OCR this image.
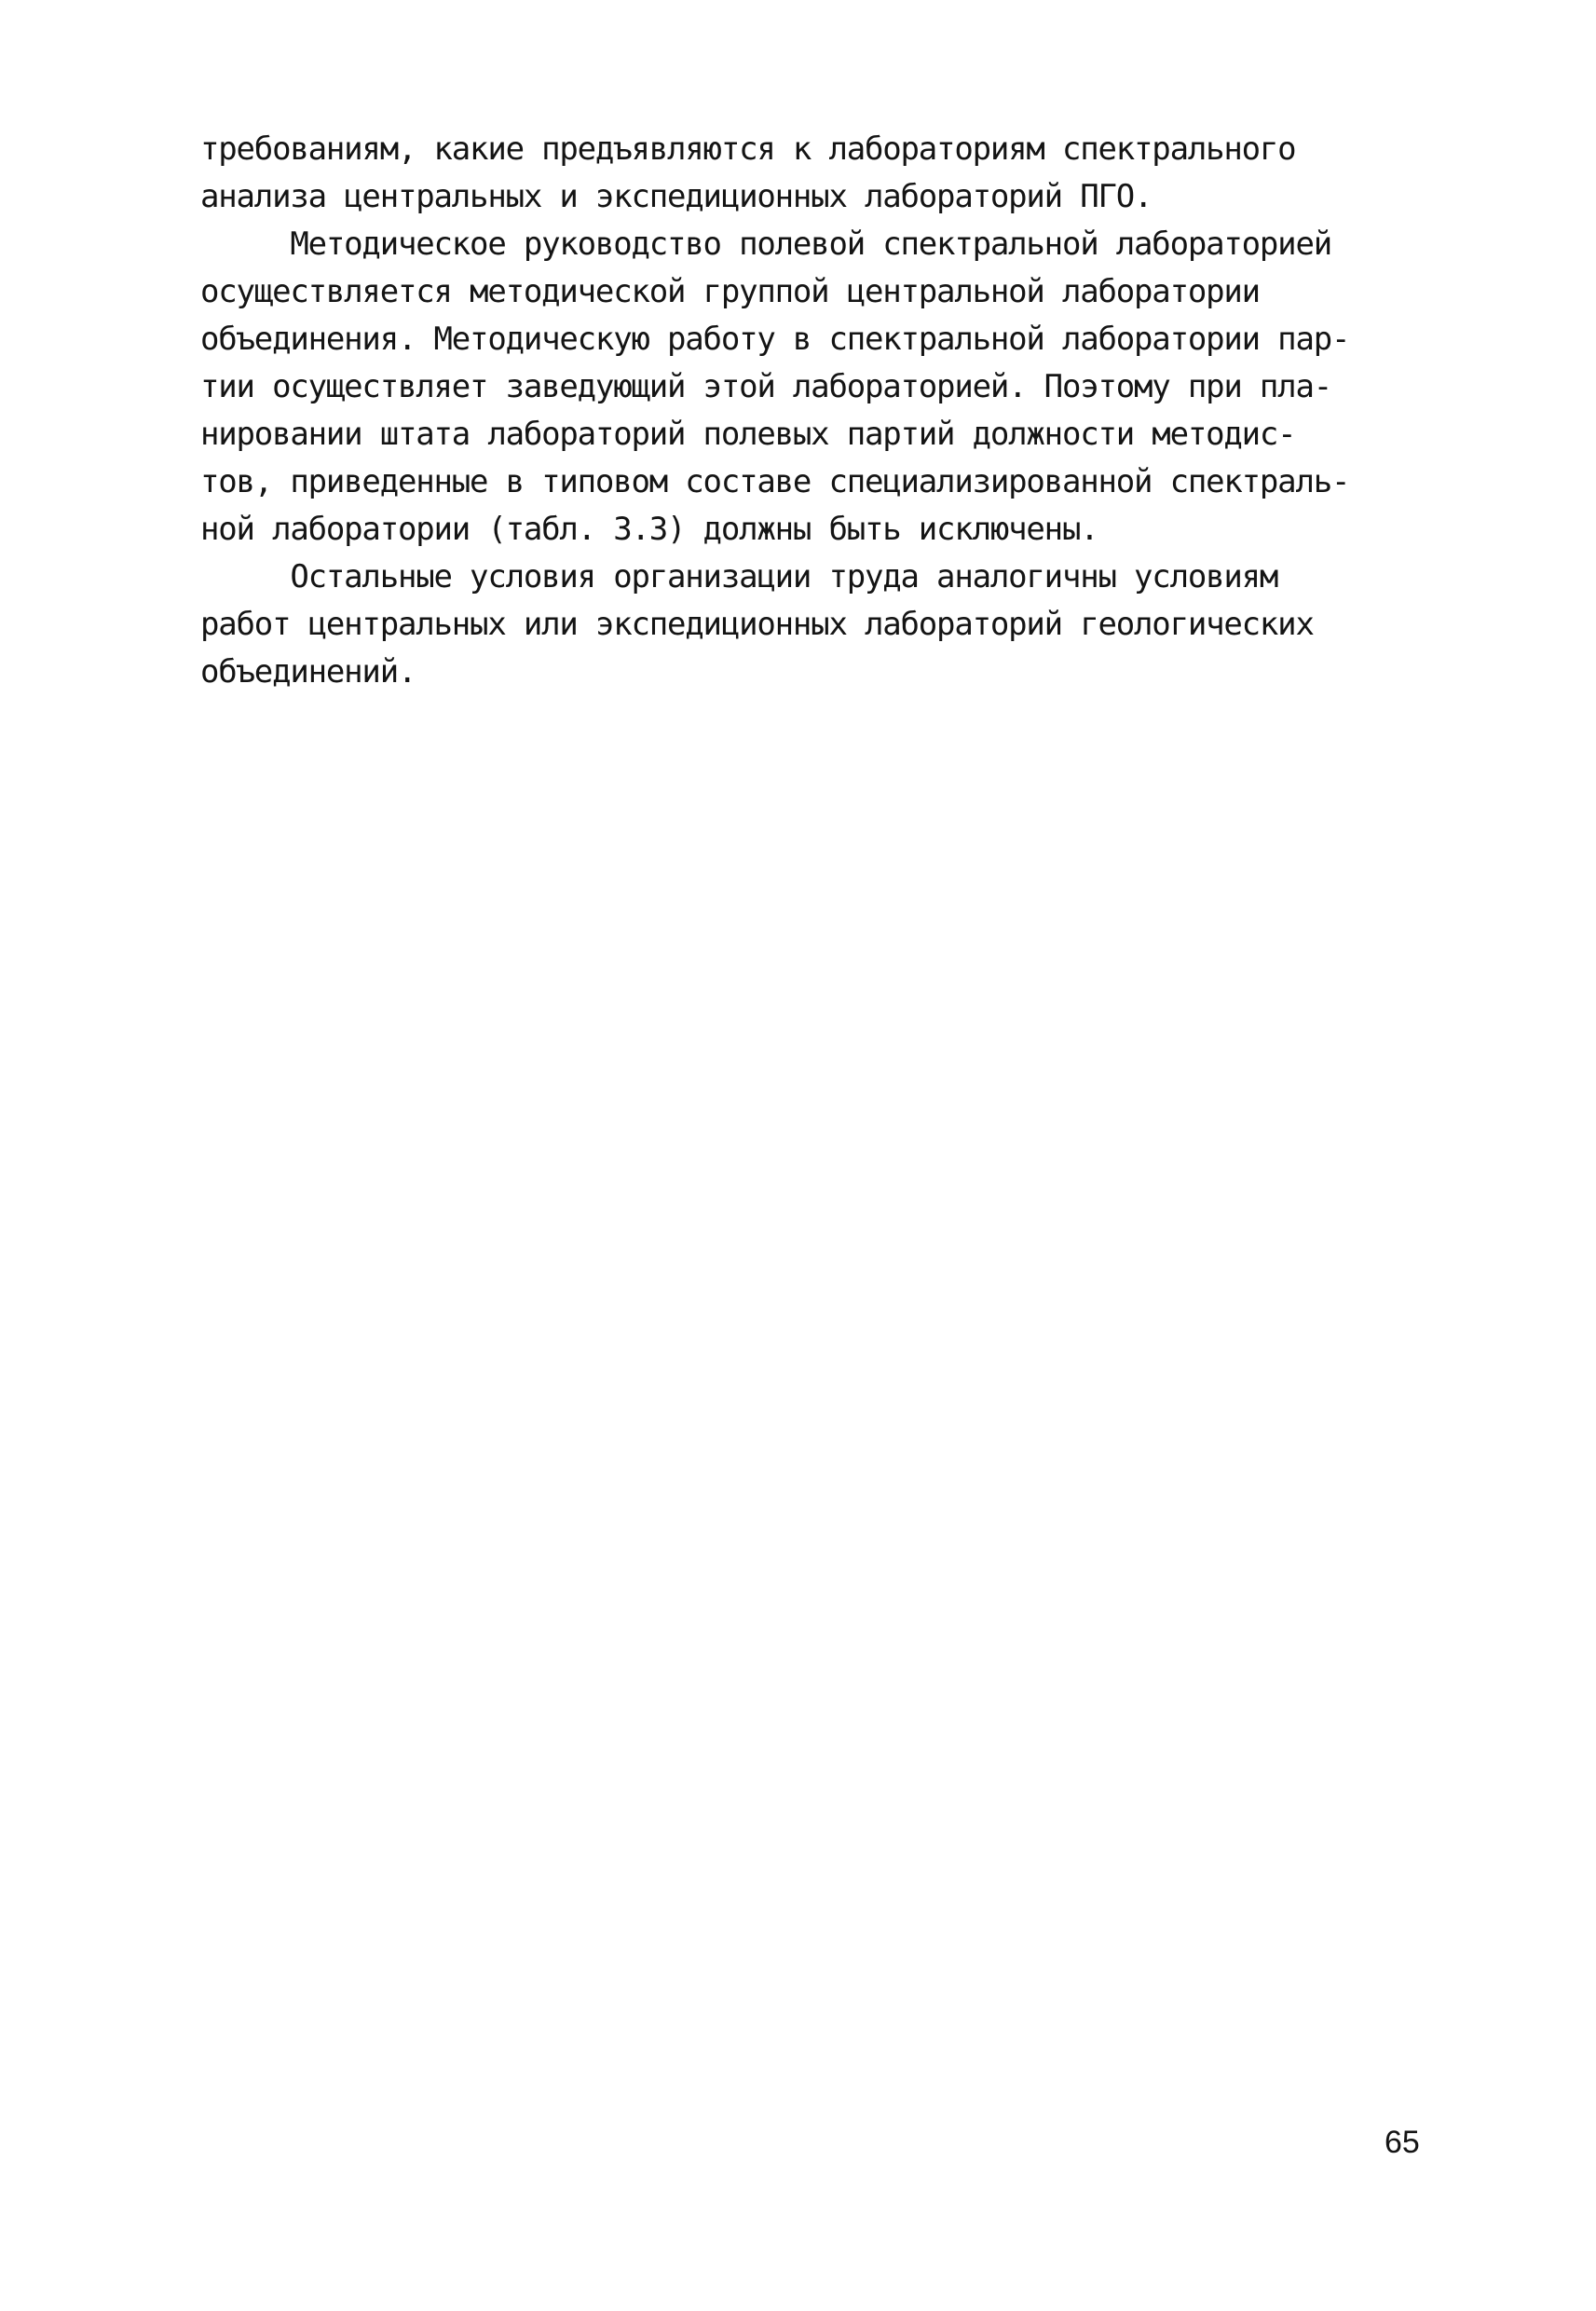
требованиям, какие предъявляются к лабораториям спектрального
анализа центральных и экспедиционных лабораторий ПГО.
Методическое руководство полевой спектральной лабораторией
осуществляется методической группой центральной лаборатории
объединения. Методическую работу в спектральной лаборатории пар-
тии осуществляет заведующий этой лабораторией. Поэтому при пла-
нировании штата лабораторий полевых партий должности методис-
тов, приведенные в типовом составе специализированной спектраль-
ной лаборатории (табл. 3.3) должны быть исключены.
Остальные условия организации труда аналогичны условиям
работ центральных или экспедиционных лабораторий геологических
объединений.
65
